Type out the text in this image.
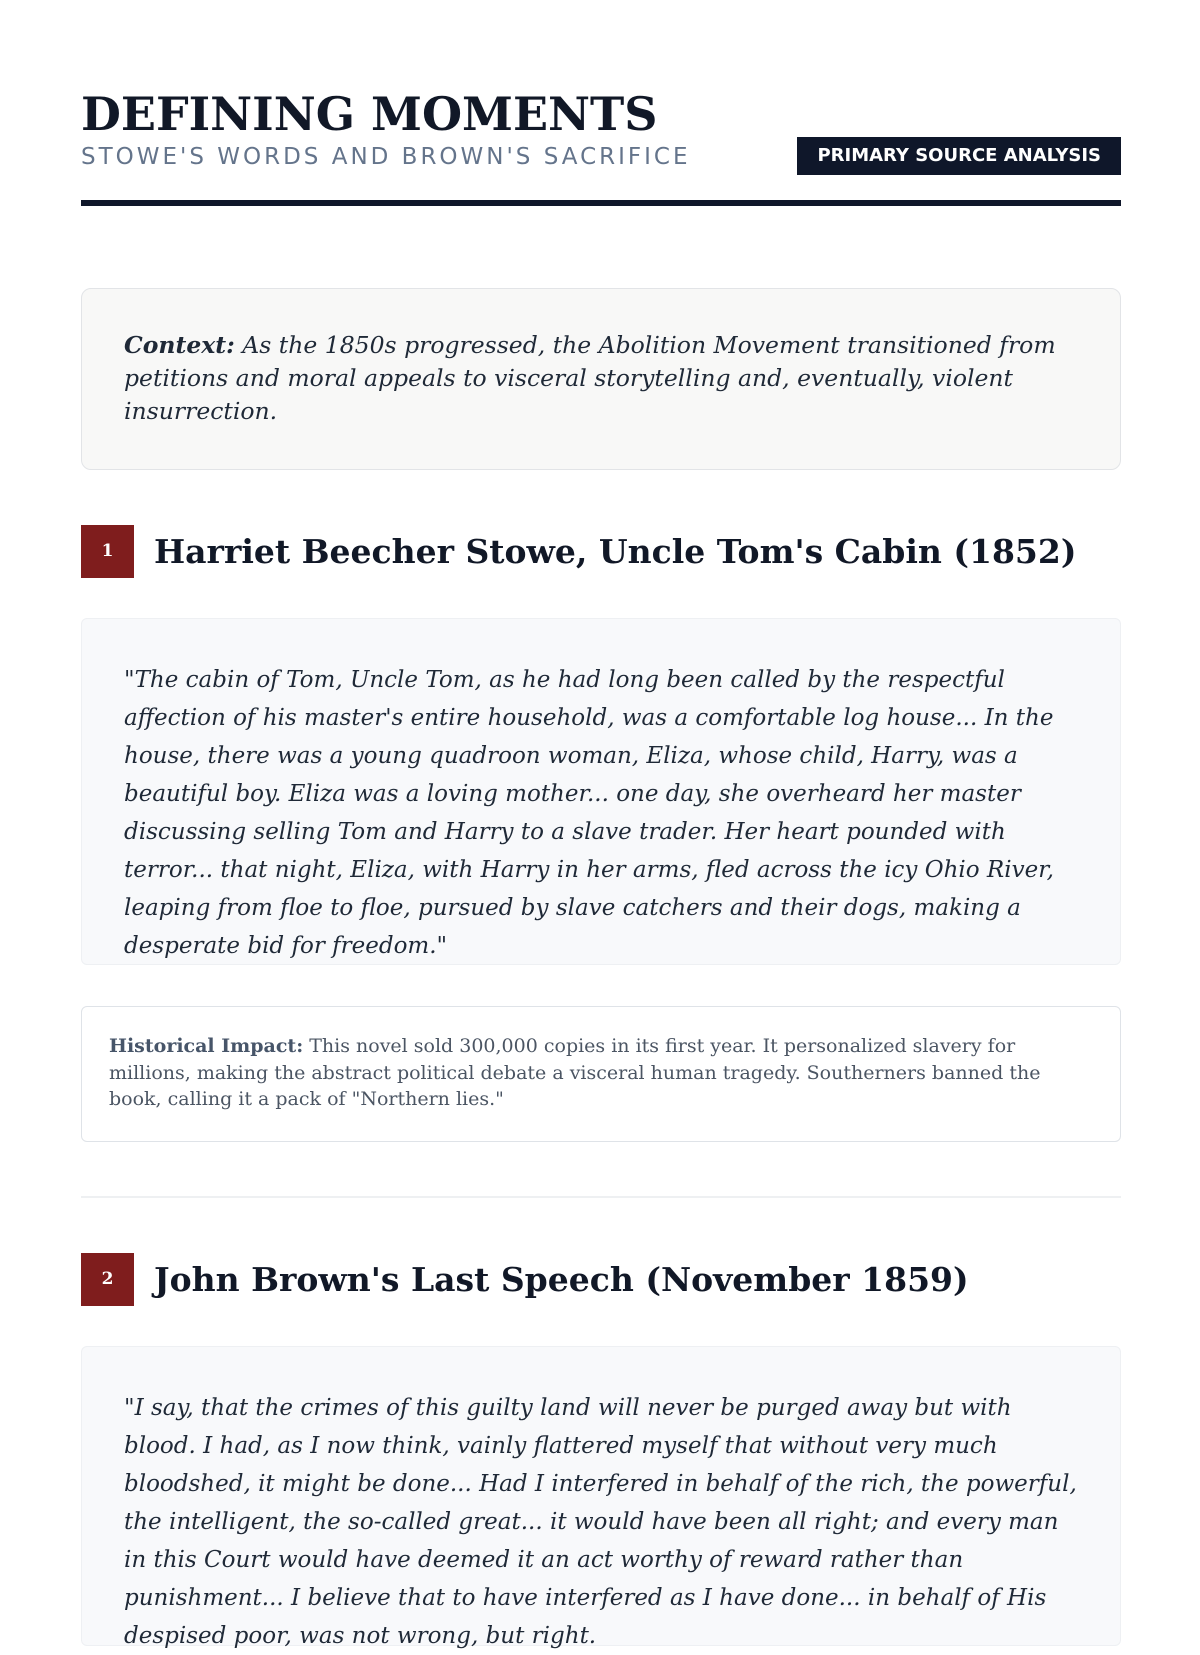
DEFINING MOMENTS
STOWE'S WORDS AND BROWN'S SACRIFICE	PRIMARY SOURCE ANALYSIS
Context: As the 1850s progressed, the Abolition Movement transitioned from petitions and moral appeals to visceral storytelling and, eventually, violent insurrection.
1	Harriet Beecher Stowe, Uncle Tom's Cabin (1852)
"The cabin of Tom, Uncle Tom, as he had long been called by the respectful affection of his master's entire household, was a comfortable log house... In the house, there was a young quadroon woman, Eliza, whose child, Harry, was a beautiful boy. Eliza was a loving mother... one day, she overheard her master discussing selling Tom and Harry to a slave trader. Her heart pounded with terror... that night, Eliza, with Harry in her arms, fled across the icy Ohio River, leaping from floe to floe, pursued by slave catchers and their dogs, making a desperate bid for freedom."
Historical Impact: This novel sold 300,000 copies in its first year. It personalized slavery for millions, making the abstract political debate a visceral human tragedy. Southerners banned the book, calling it a pack of "Northern lies."
2	John Brown's Last Speech (November 1859)
"I say, that the crimes of this guilty land will never be purged away but with blood. I had, as I now think, vainly flattered myself that without very much bloodshed, it might be done... Had I interfered in behalf of the rich, the powerful, the intelligent, the so-called great... it would have been all right; and every man in this Court would have deemed it an act worthy of reward rather than punishment... I believe that to have interfered as I have done... in behalf of His despised poor, was not wrong, but right.
